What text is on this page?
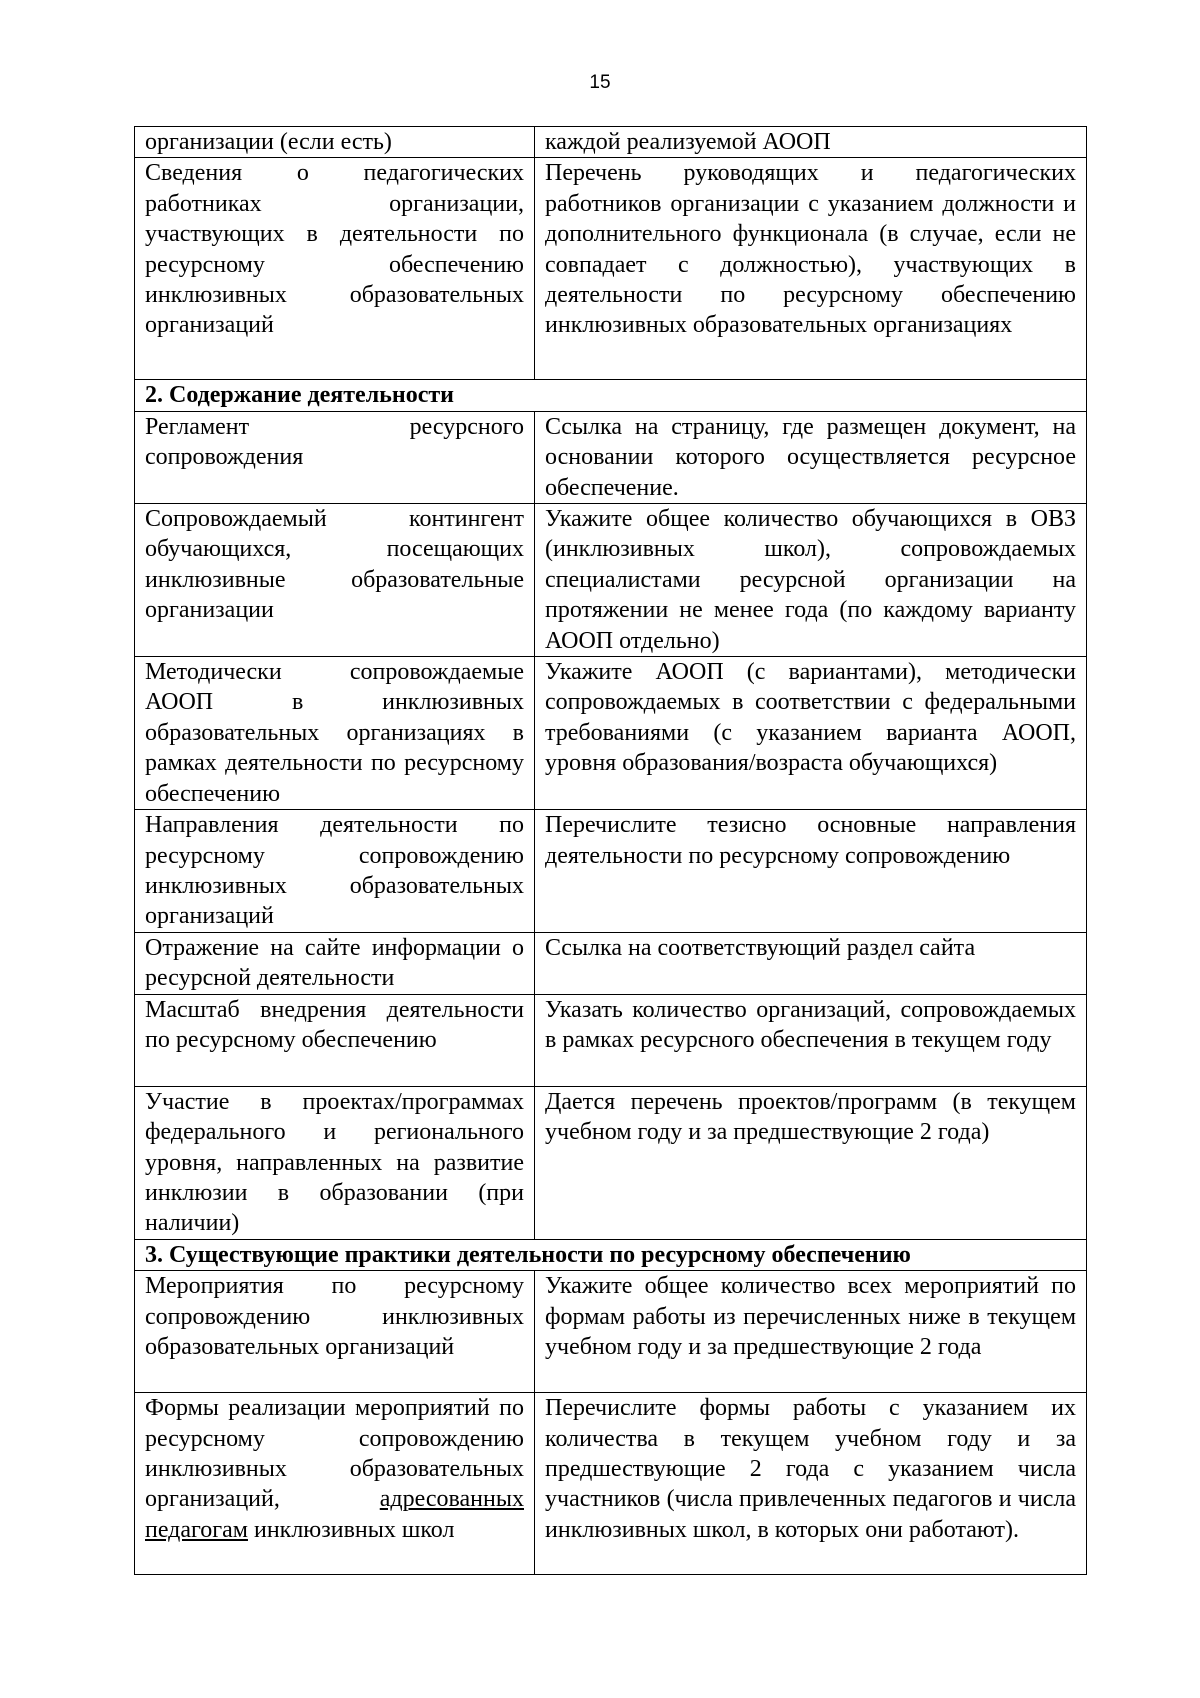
15
организации (если есть)	каждой реализуемой АООП
Сведения о педагогических работниках организации, участвующих в деятельности по ресурсному обеспечению инклюзивных образовательных организаций	Перечень руководящих и педагогических работников организации с указанием должности и дополнительного функционала (в случае, если не совпадает с должностью), участвующих в деятельности по ресурсному обеспечению инклюзивных образовательных организациях
2. Содержание деятельности	
Регламент ресурсного сопровождения	Ссылка на страницу, где размещен документ, на основании которого осуществляется ресурсное обеспечение.
Сопровождаемый контингент обучающихся, посещающих инклюзивные образовательные организации	Укажите общее количество обучающихся в ОВЗ (инклюзивных школ), сопровождаемых специалистами ресурсной организации на протяжении не менее года (по каждому варианту АООП отдельно)
Методически сопровождаемые АООП в инклюзивных образовательных организациях в рамках деятельности по ресурсному обеспечению	Укажите АООП (с вариантами), методически сопровождаемых в соответствии с федеральными требованиями (с указанием варианта АООП, уровня образования/возраста обучающихся)
Направления деятельности по ресурсному сопровождению инклюзивных образовательных организаций	Перечислите тезисно основные направления деятельности по ресурсному сопровождению
Отражение на сайте информации о ресурсной деятельности	Ссылка на соответствующий раздел сайта
Масштаб внедрения деятельности по ресурсному обеспечению	Указать количество организаций, сопровождаемых в рамках ресурсного обеспечения в текущем году
Участие в проектах/программах федерального и регионального уровня, направленных на развитие инклюзии в образовании (при наличии)	Дается перечень проектов/программ (в текущем учебном году и за предшествующие 2 года)
3. Существующие практики деятельности по ресурсному обеспечению	
Мероприятия по ресурсному сопровождению инклюзивных образовательных организаций	Укажите общее количество всех мероприятий по формам работы из перечисленных ниже в текущем учебном году и за предшествующие 2 года
Формы реализации мероприятий по ресурсному сопровождению инклюзивных образовательных организаций, адресованных педагогам инклюзивных школ	Перечислите формы работы с указанием их количества в текущем учебном году и за предшествующие 2 года с указанием числа участников (числа привлеченных педагогов и числа инклюзивных школ, в которых они работают).
